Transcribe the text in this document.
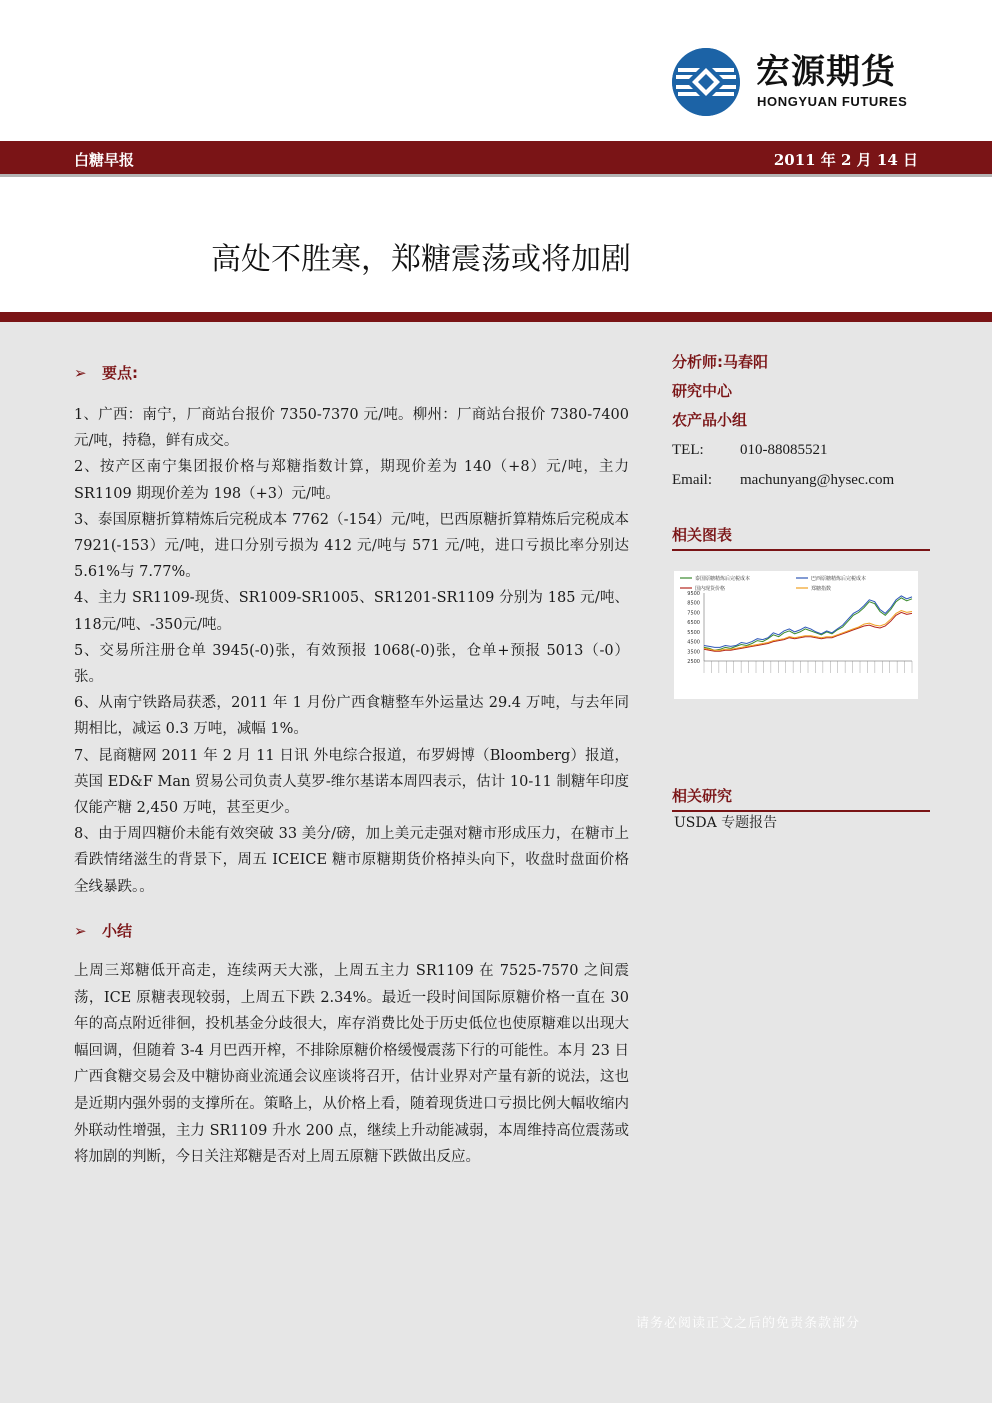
宏源期货
HONGYUAN FUTURES
白糖早报	2011 年 2 月 14 日
高处不胜寒，郑糖震荡或将加剧
➢ 要点:

1、广西：南宁，厂商站台报价 7350-7370 元/吨。柳州：厂商站台报价 7380-7400元/吨，持稳，鲜有成交。

2、按产区南宁集团报价格与郑糖指数计算，期现价差为 140（+8）元/吨，主力 SR1109 期现价差为 198（+3）元/吨。

3、泰国原糖折算精炼后完税成本 7762（-154）元/吨，巴西原糖折算精炼后完税成本 7921(-153）元/吨，进口分别亏损为 412 元/吨与 571 元/吨，进口亏损比率分别达 5.61%与 7.77%。

4、主力 SR1109-现货、SR1009-SR1005、SR1201-SR1109 分别为 185 元/吨、118元/吨、-350元/吨。

5、交易所注册仓单 3945(-0)张，有效预报 1068(-0)张，仓单+预报 5013（-0）张。

6、从南宁铁路局获悉，2011 年 1 月份广西食糖整车外运量达 29.4 万吨，与去年同期相比，减运 0.3 万吨，减幅 1%。

7、昆商糖网 2011 年 2 月 11 日讯 外电综合报道，布罗姆博（Bloomberg）报道，英国 ED&F Man 贸易公司负责人莫罗-维尔基诺本周四表示，估计 10-11 制糖年印度仅能产糖 2,450 万吨，甚至更少。

8、由于周四糖价未能有效突破 33 美分/磅，加上美元走强对糖市形成压力，在糖市上看跌情绪滋生的背景下，周五 ICEICE 糖市原糖期货价格掉头向下，收盘时盘面价格全线暴跌。。

➢ 小结
上周三郑糖低开高走，连续两天大涨，上周五主力 SR1109 在 7525-7570 之间震荡，ICE 原糖表现较弱，上周五下跌 2.34%。最近一段时间国际原糖价格一直在 30 年的高点附近徘徊，投机基金分歧很大，库存消费比处于历史低位也使原糖难以出现大幅回调，但随着 3-4 月巴西开榨，不排除原糖价格缓慢震荡下行的可能性。本月 23 日广西食糖交易会及中糖协商业流通会议座谈将召开，估计业界对产量有新的说法，这也是近期内强外弱的支撑所在。策略上，从价格上看，随着现货进口亏损比例大幅收缩内外联动性增强，主力 SR1109 升水 200 点，继续上升动能减弱，本周维持高位震荡或将加剧的判断，今日关注郑糖是否对上周五原糖下跌做出反应。
分析师:马春阳
研究中心
农产品小组
TEL: 010-88085521
Email: machunyang@hysec.com
相关图表
泰国原糖精炼后完税成本	巴西原糖精炼后完税成本
国内现货价格	郑糖指数
9500
8500
7500
6500
5500
4500
3500
2500
相关研究
USDA 专题报告
请务必阅读正文之后的免责条款部分
